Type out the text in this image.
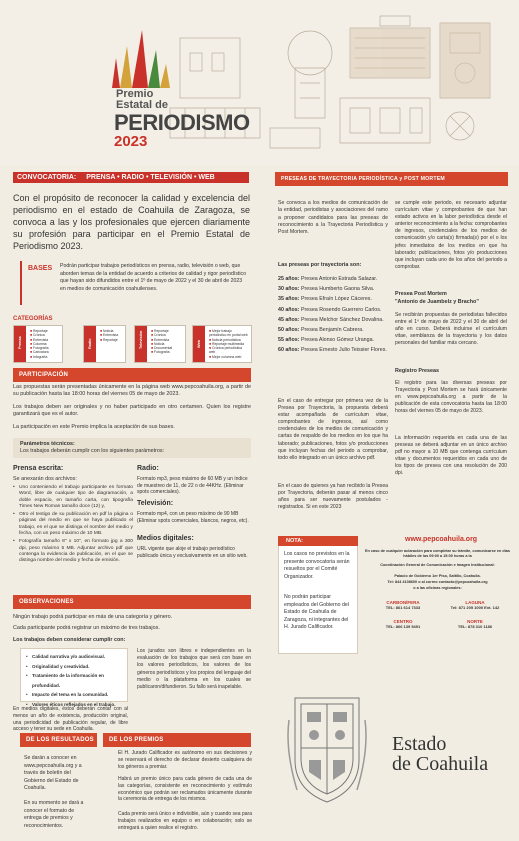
Premio
Estatal de
PERIODISMO
2023
CONVOCATORIA: PRENSA • RADIO • TELEVISIÓN • WEB
Con el propósito de reconocer la calidad y excelencia del periodismo en el estado de Coahuila de Zaragoza, se convoca a las y los profesionales que ejercen diariamente su profesión para participar en el Premio Estatal de Periodismo 2023.
BASES Podrán participar trabajos periodísticos en prensa, radio, televisión o web, que aborden temas de la entidad de acuerdo a criterios de calidad y rigor periodístico que hayan sido difundidos entre el 1º de mayo de 2022 y el 30 de abril de 2023 en medios de comunicación coahuilenses.
CATEGORÍAS
Prensa
■ Reportaje
■ Crónica
■ Entrevista
■ Columna
■ Fotografía
■ Caricatura
■ Infografía
Radio
■ Noticia
■ Entrevista
■ Reportaje	Televisión
■	Reportaje
■ Crónica
■ Entrevista
■ Noticia
■ Documental
■ Fotografía
Web
■ Mejor trabajo periodístico en portal web
■ Noticia periodística
■ Reportaje multimedia
■ Crónica periodística web
■ Mejor columna web
PARTICIPACIÓN
Las propuestas serán presentadas únicamente en la página web www.pepcoahuila.org, a partir de su publicación hasta las 18:00 horas del viernes 05 de mayo de 2023.
Los trabajos deben ser originales y no haber participado en otro certamen. Quien los registre garantizará que es el autor.
La participación en este Premio implica la aceptación de sus bases.
Parámetros técnicos:
Los trabajos deberán cumplir con los siguientes parámetros:
Prensa escrita:
Se anexarán dos archivos:
• Uno conteniendo el trabajo participante en formato Word, libre de cualquier tipo de diagramación, a doble espacio, en tamaño carta, con tipografía Times New Roman tamaño doce (12) y,
• Otro el testigo de su publicación en pdf la página o páginas del medio en que se haya publicado el trabajo, en el que se distinga el nombre del medio y fecha, con un peso máximo de 10 MB.
• Fotografía tamaño 8" x 10", en formato jpg a 300 dpi, peso máximo 5 MB. Adjuntar archivo pdf que contenga la evidencia de publicación, en el que se distinga nombre del medio y fecha de emisión.
Radio:
Formato mp3, peso máximo de 60 MB y un índice de muestreo de 11, de 22 o de 44KHz. (Eliminar spots comerciales).
Televisión:
Formato mp4, con un peso máximo de 90 MB (Eliminar spots comerciales, blancos, negros, etc).
Medios digitales:
URL vigente que aloje el trabajo periodístico publicado única y exclusivamente en un sitio web.
OBSERVACIONES
Ningún trabajo podrá participar en más de una categoría y género.
Cada participante podrá registrar un máximo de tres trabajos.
Los trabajos deben considerar cumplir con:
• Calidad narrativa y/o audiovisual.
• Originalidad y creatividad.
• Tratamiento de la información en profundidad.
• Impacto del tema en la comunidad.
• Valores éticos reflejados en el trabajo.
En medios digitales, éstos deberán contar con al menos un año de existencia, producción original, una periodicidad de publicación regular, de libre acceso y tener su sede en Coahuila.
Los jurados son libres e independientes en la evaluación de los trabajos que será con base en los valores periodísticos, los valores de los géneros periodísticos y los propios del lenguaje del medio o la plataforma en los cuales se publicaron/difundieron. Su fallo será inapelable.
DE LOS RESULTADOS
Se darán a conocer en www.pepcoahuila.org y a través de boletín del Gobierno del Estado de Coahuila.
En su momento se dará a conocer el formato de entrega de premios y reconocimientos.
DE LOS PREMIOS
El H. Jurado Calificador es autónomo en sus decisiones y se reservará el derecho de declarar desierto cualquiera de los géneros a premiar.
Habrá un premio único para cada género de cada una de las categorías, consistente en reconocimiento y estímulo económico que podrán ser reclamados únicamente durante la ceremonia de entrega de los mismos.
Cada premio será único e indivisible, aún y cuando sea para trabajos realizados en equipo o en colaboración; solo se entregará a quien realice el registro.
PRESEAS DE TRAYECTORIA PERIODÍSTICA y POST MORTEM
Se convoca a los medios de comunicación de la entidad, periodistas y asociaciones del ramo a proponer candidatos para las preseas de reconocimiento a la Trayectoria Periodística y Post Mortem.
Las preseas por trayectoria son:
25 años: Presea Antonio Estrada Salazar.
30 años: Presea Humberto Gaona Silva.
35 años: Presea Efraín López Cáceres.
40 años: Presea Rosendo Guerrero Carlos.
45 años: Presea Melchor Sánchez Dovalina.
50 años: Presea Benjamín Cabrera.
55 años: Presea Alonso Gómez Uranga.
60 años: Presea Ernesto Julio Teissier Flores.
En el caso de entregar por primera vez de la Presea por Trayectoria, la propuesta deberá estar acompañada de currículum vitae, comprobantes de ingresos, así como credenciales de los medios de comunicación y cartas de respaldo de los medios en los que ha laborado; publicaciones, fotos y/o producciones que incluyan fechas del periodo a comprobar, todo ello integrado en un único archivo pdf.
En el caso de quienes ya han recibido la Presea por Trayectoria, deberán pasar al menos cinco años para ser nuevamente postulados - registrados. Si en este 2023
se cumple este periodo, es necesario adjuntar currículum vitae y comprobantes de que han estado activos en la labor periodística desde el anterior reconocimiento a la fecha: comprobantes de ingresos, credenciales de los medios de comunicación y/o carta(s) firmada(s) por el o los jefes inmediatos de los medios en que ha laborado; publicaciones, fotos y/o producciones que incluyan cada uno de los años del periodo a comprobar.
Presea Post Mortem
"Antonio de Juambelz y Bracho"
Se recibirán propuestas de periodistas fallecidos entre el 1º de mayo de 2022 y el 30 de abril del año en curso. Deberá incluirse el currículum vitae, semblanza de la trayectoria y los datos personales del familiar más cercano.
Registro Preseas
El registro para las diversas preseas por Trayectoria y Post Mortem se hará únicamente en www.pepcoahuila.org a partir de la publicación de esta convocatoria hasta las 18:00 horas del viernes 05 de mayo de 2023.
La información requerida en cada una de las preseas se deberá adjuntar en un único archivo pdf no mayor a 10 MB que contenga currículum vitae y documentos requeridos en cada uno de los tipos de presea con una resolución de 200 dpi.
NOTA:
Los casos no previstos en la presente convocatoria serán resueltos por el Comité Organizador.
No podrán participar empleados del Gobierno del Estado de Coahuila de Zaragoza, ni integrantes del H. Jurado Calificador.
www.pepcoahuila.org
En caso de cualquier aclaración para completar su trámite, comunicarse en días hábiles de las 09:00 a 15:00 horas a la
Coordinación General de Comunicación e Imagen Institucional:
Palacio de Gobierno 1er Piso, Saltillo, Coahuila.
Tel: 844 4108600 o al correo contacto@pepcoahuila.org
o a las oficinas regionales:
CARBONÍFERA
TEL: 861 614 7333
LAGUNA
Tel: 871 205 1000 Ext. 142
CENTRO
TEL: 866 139 5491
NORTE
TEL: 878 310 1186
Estado
de Coahuila
